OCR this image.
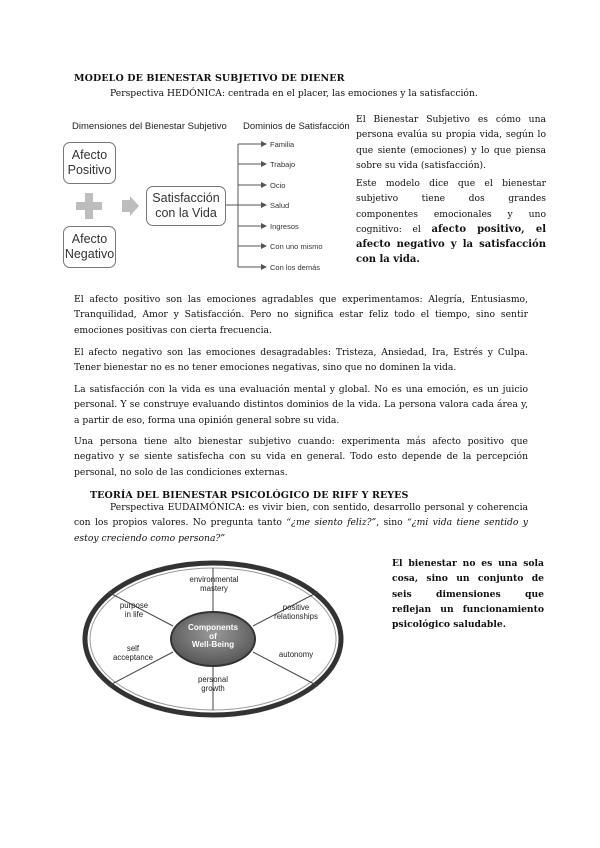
MODELO DE BIENESTAR SUBJETIVO DE DIENER
Perspectiva HEDÓNICA: centrada en el placer, las emociones y la satisfacción.
Dimensiones del Bienestar Subjetivo Dominios de Satisfacción
Afecto
Positivo
Afecto
Negativo
Satisfacción
con la Vida
Familia
Trabajo
Ocio
Salud
Ingresos
Con uno mismo
Con los demás
El Bienestar Subjetivo es cómo una persona evalúa su propia vida, según lo que siente (emociones) y lo que piensa sobre su vida (satisfacción).
Este modelo dice que el bienestar subjetivo tiene dos grandes componentes emocionales y uno cognitivo: el afecto positivo, el afecto negativo y la satisfacción con la vida.
El afecto positivo son las emociones agradables que experimentamos: Alegría, Entusiasmo, Tranquilidad, Amor y Satisfacción. Pero no significa estar feliz todo el tiempo, sino sentir emociones positivas con cierta frecuencia.
El afecto negativo son las emociones desagradables: Tristeza, Ansiedad, Ira, Estrés y Culpa. Tener bienestar no es no tener emociones negativas, sino que no dominen la vida.
La satisfacción con la vida es una evaluación mental y global. No es una emoción, es un juicio personal. Y se construye evaluando distintos dominios de la vida. La persona valora cada área y, a partir de eso, forma una opinión general sobre su vida.
Una persona tiene alto bienestar subjetivo cuando: experimenta más afecto positivo que negativo y se siente satisfecha con su vida en general. Todo esto depende de la percepción personal, no solo de las condiciones externas.
TEORÍA DEL BIENESTAR PSICOLÓGICO DE RIFF Y REYES
Perspectiva EUDAIMÓNICA: es vivir bien, con sentido, desarrollo personal y coherencia con los propios valores. No pregunta tanto “¿me siento feliz?”, sino “¿mi vida tiene sentido y estoy creciendo como persona?”
Components
of
Well-Being
environmental
mastery
positive
relationships
autonomy
personal
growth
self
acceptance
purpose
in life
El bienestar no es una sola cosa, sino un conjunto de seis dimensiones que reflejan un funcionamiento psicológico saludable.
